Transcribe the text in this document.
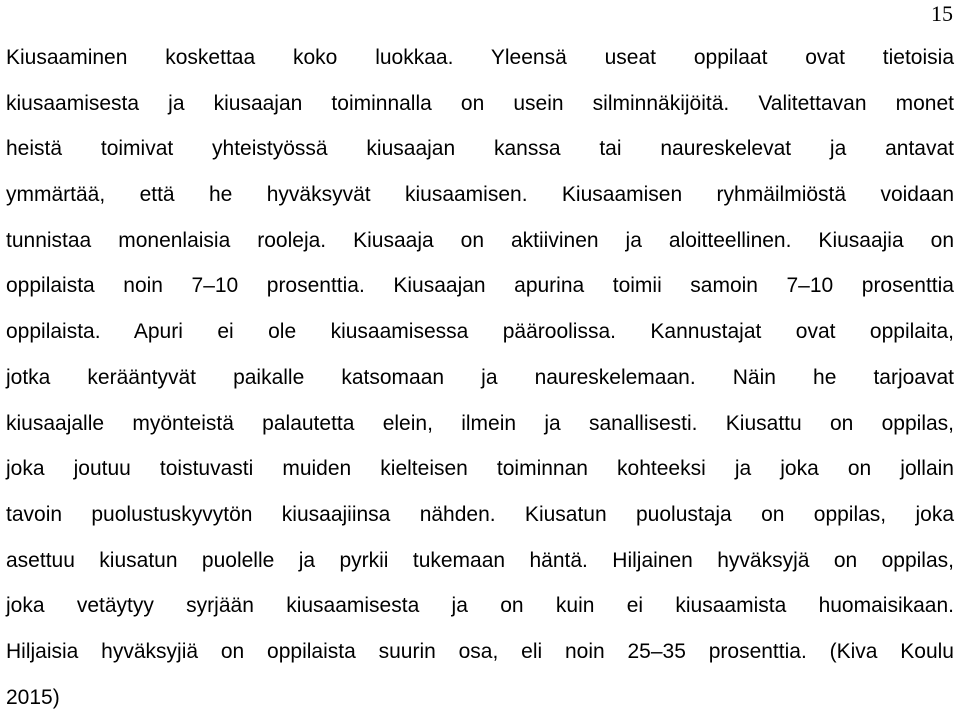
15
Kiusaaminen koskettaa koko luokkaa. Yleensä useat oppilaat ovat tietoisia
kiusaamisesta ja kiusaajan toiminnalla on usein silminnäkijöitä. Valitettavan monet
heistä toimivat yhteistyössä kiusaajan kanssa tai naureskelevat ja antavat
ymmärtää, että he hyväksyvät kiusaamisen. Kiusaamisen ryhmäilmiöstä voidaan
tunnistaa monenlaisia rooleja. Kiusaaja on aktiivinen ja aloitteellinen. Kiusaajia on
oppilaista noin 7–10 prosenttia. Kiusaajan apurina toimii samoin 7–10 prosenttia
oppilaista. Apuri ei ole kiusaamisessa pääroolissa. Kannustajat ovat oppilaita,
jotka kerääntyvät paikalle katsomaan ja naureskelemaan. Näin he tarjoavat
kiusaajalle myönteistä palautetta elein, ilmein ja sanallisesti. Kiusattu on oppilas,
joka joutuu toistuvasti muiden kielteisen toiminnan kohteeksi ja joka on jollain
tavoin puolustuskyvytön kiusaajiinsa nähden. Kiusatun puolustaja on oppilas, joka
asettuu kiusatun puolelle ja pyrkii tukemaan häntä. Hiljainen hyväksyjä on oppilas,
joka vetäytyy syrjään kiusaamisesta ja on kuin ei kiusaamista huomaisikaan.
Hiljaisia hyväksyjiä on oppilaista suurin osa, eli noin 25–35 prosenttia. (Kiva Koulu
2015)
